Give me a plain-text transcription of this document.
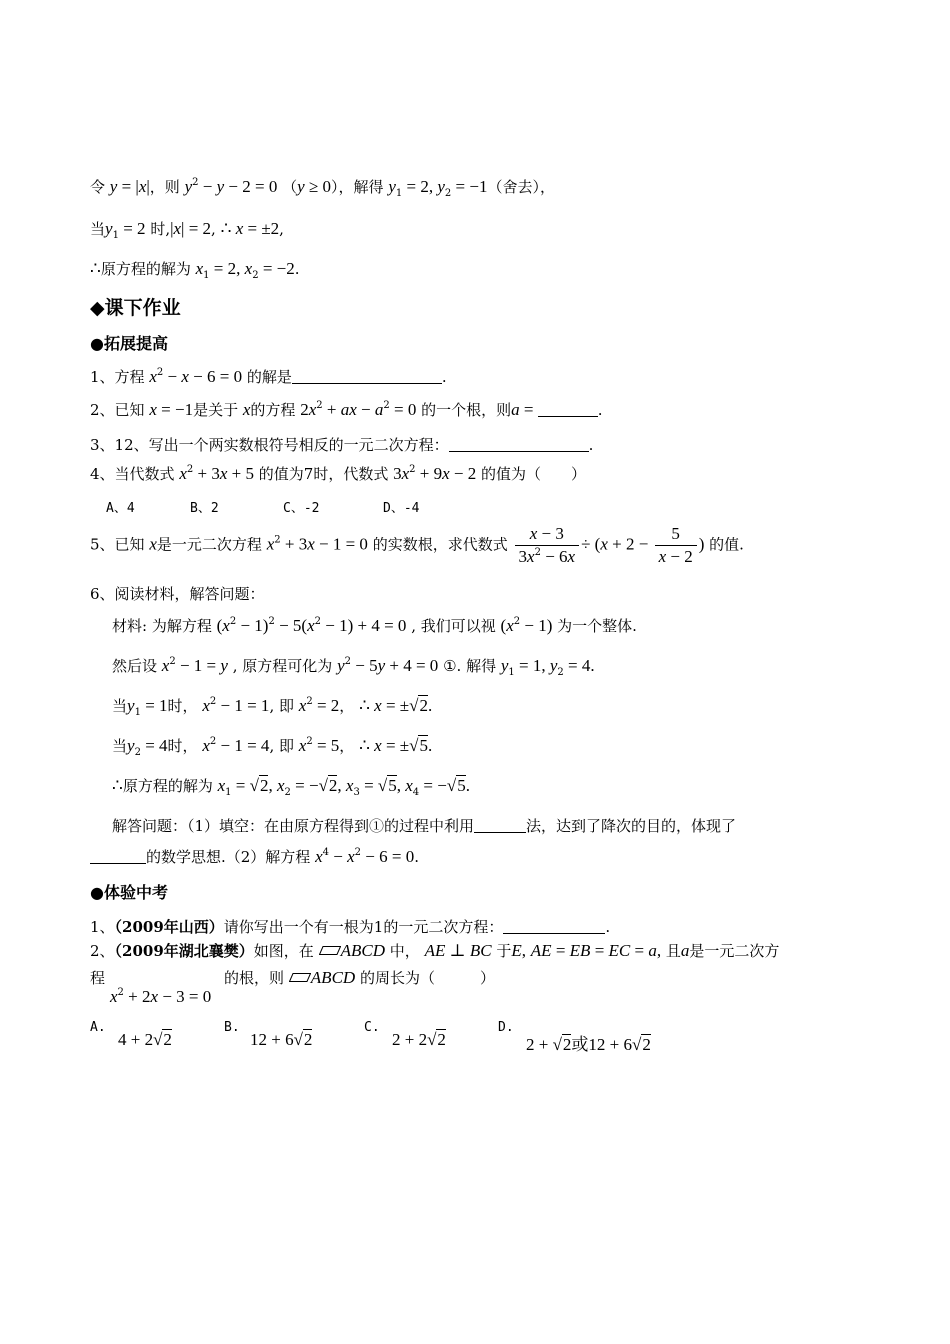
令 y = |x|，则 $y^2 - y - 2 = 0$ （y ≥ 0），解得 $y_1 = 2$, $y_2 = -1$（舍去），
当$y_1 = 2$ 时,|x| = 2, ∴ x = ±2,
∴原方程的解为 $x_1 = 2$, $x_2 = -2$.
◆课下作业
●拓展提高
1、方程 $x^2 - x - 6 = 0$ 的解是	.
2、已知 x = −1是关于 x的方程 $2x^2$ + ax − $a^2 = 0$ 的一个根，则a =	.
3、12、写出一个两实数根符号相反的一元二次方程：	.
4、当代数式 $x^2 + 3x + 5$ 的值为7时，代数式 $3x^2 + 9x - 2$ 的值为（　　）
A、4	B、2	C、-2	D、-4
5、已知 x是一元二次方程 $x^2 + 3x - 1 = 0$ 的实数根，求代数式 $\frac{x - 3}{3x^2 - 6x} \div (x + 2 - \frac{5}{x - 2}$ ) 的值.
6、阅读材料，解答问题：
材料: 为解方程 $(x^2 - 1)^2 - 5(x^2 - 1) + 4 = 0$ , 我们可以视 $(x^2 - 1)$ 为一个整体.
然后设 $x^2 - 1 = y$ , 原方程可化为 $y^2 - 5y + 4 = 0$ ①. 解得 $y_1 = 1$, $y_2 = 4$.
当$y_1 = 1$时， $x^2 - 1 = 1$, 即 $x^2 = 2$， ∴ x = ±√2.
当$y_2 = 4$时， $x^2 - 1 = 4$, 即 $x^2 = 5$， ∴ x = ±√5.
∴原方程的解为 $x_1 = √2$, $x_2 = -√2$, $x_3 = √5$, $x_4 = -√5$.
解答问题：（1）填空：在由原方程得到①的过程中利用	法，达到了降次的目的，体现了
的数学思想.（2）解方程 $x^4 - x^2 - 6 = 0$.
●体验中考
1、（2009年山西）请你写出一个有一根为1的一元二次方程：	.
2、（2009年湖北襄樊）如图，在 ABCD 中， AE ⊥ BC 于E, AE = EB = EC = a, 且a是一元二次方
程
$x^2 + 2x - 3 = 0$
的根，则 ABCD 的周长为（　　　）
A.
4 + 2√2
B.
12 + 6√2
C.
2 + 2√2
D.
2 + √2或12 + 6√2
